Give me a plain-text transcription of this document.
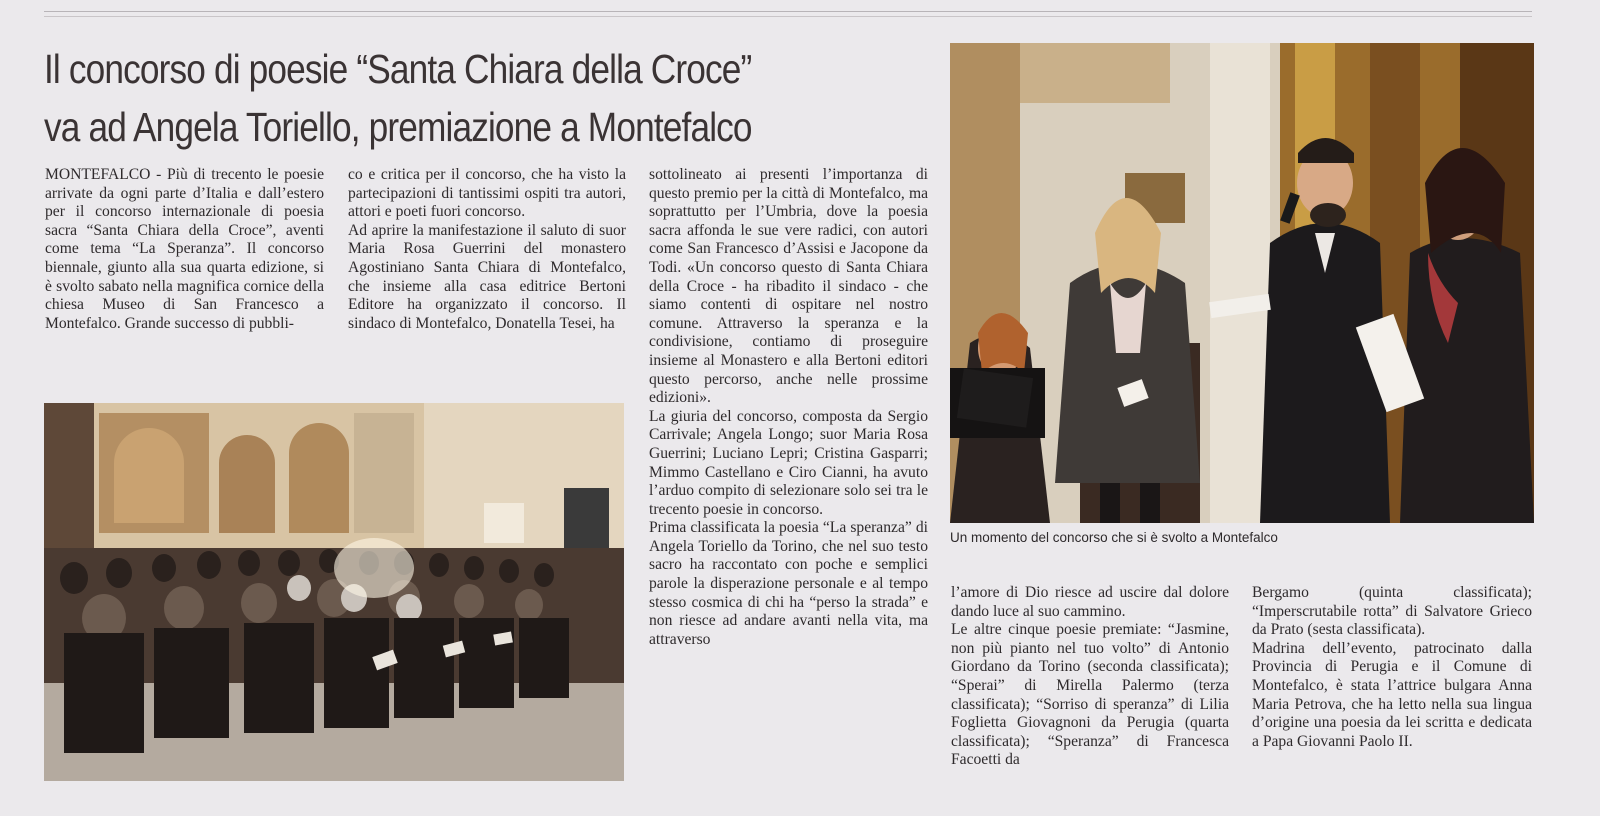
Il concorso di poesie “Santa Chiara della Croce”
va ad Angela Toriello, premiazione a Montefalco

MONTEFALCO - Più di trecento le poesie arrivate da ogni parte d’Italia e dall’estero per il concorso internazionale di poesia sacra “Santa Chiara della Croce”, aventi come tema “La Speranza”. Il concorso biennale, giunto alla sua quarta edizione, si è svolto sabato nella magnifica cornice della chiesa Museo di San Francesco a Montefalco. Grande successo di pubbli-

co e critica per il concorso, che ha visto la partecipazioni di tantissimi ospiti tra autori, attori e poeti fuori concorso.

Ad aprire la manifestazione il saluto di suor Maria Rosa Guerrini del monastero Agostiniano Santa Chiara di Montefalco, che insieme alla casa editrice Bertoni Editore ha organizzato il concorso. Il sindaco di Montefalco, Donatella Tesei, ha

sottolineato ai presenti l’importanza di questo premio per la città di Montefalco, ma soprattutto per l’Umbria, dove la poesia sacra affonda le sue vere radici, con autori come San Francesco d’Assisi e Jacopone da Todi. «Un concorso questo di Santa Chiara della Croce - ha ribadito il sindaco - che siamo contenti di ospitare nel nostro comune. Attraverso la speranza e la condivisione, contiamo di proseguire insieme al Monastero e alla Bertoni editori questo percorso, anche nelle prossime edizioni».

La giuria del concorso, composta da Sergio Carrivale; Angela Longo; suor Maria Rosa Guerrini; Luciano Lepri; Cristina Gasparri; Mimmo Castellano e Ciro Cianni, ha avuto l’arduo compito di selezionare solo sei tra le trecento poesie in concorso.

Prima classificata la poesia “La speranza” di Angela Toriello da Torino, che nel suo testo sacro ha raccontato con poche e semplici parole la disperazione personale e al tempo stesso cosmica di chi ha “perso la strada” e non riesce ad andare avanti nella vita, ma attraverso

l’amore di Dio riesce ad uscire dal dolore dando luce al suo cammino.

Le altre cinque poesie premiate: “Jasmine, non più pianto nel tuo volto” di Antonio Giordano da Torino (seconda classificata); “Sperai” di Mirella Palermo (terza classificata); “Sorriso di speranza” di Lilia Foglietta Giovagnoni da Perugia (quarta classificata); “Speranza” di Francesca Facoetti da

Bergamo (quinta classificata); “Imperscrutabile rotta” di Salvatore Grieco da Prato (sesta classificata).

Madrina dell’evento, patrocinato dalla Provincia di Perugia e il Comune di Montefalco, è stata l’attrice bulgara Anna Maria Petrova, che ha letto nella sua lingua d’origine una poesia da lei scritta e dedicata a Papa Giovanni Paolo II.

Un momento del concorso che si è svolto a Montefalco
